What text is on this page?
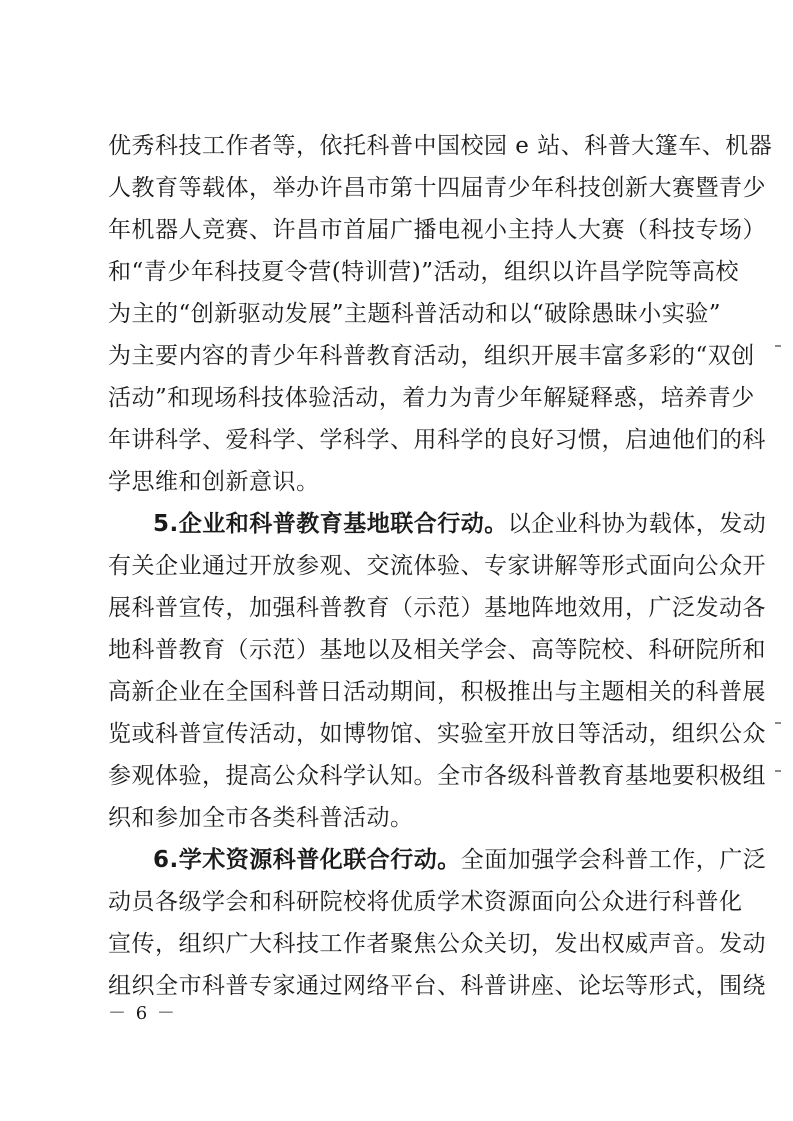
优秀科技工作者等，依托科普中国校园 e 站、科普大篷车、机器
人教育等载体，举办许昌市第十四届青少年科技创新大赛暨青少
年机器人竞赛、许昌市首届广播电视小主持人大赛（科技专场）
和“青少年科技夏令营(特训营)”活动，组织以许昌学院等高校
为主的“创新驱动发展”主题科普活动和以“破除愚昧小实验”
为主要内容的青少年科普教育活动，组织开展丰富多彩的“双创
活动”和现场科技体验活动，着力为青少年解疑释惑，培养青少
年讲科学、爱科学、学科学、用科学的良好习惯，启迪他们的科
学思维和创新意识。
5.企业和科普教育基地联合行动。以企业科协为载体，发动
有关企业通过开放参观、交流体验、专家讲解等形式面向公众开
展科普宣传，加强科普教育（示范）基地阵地效用，广泛发动各
地科普教育（示范）基地以及相关学会、高等院校、科研院所和
高新企业在全国科普日活动期间，积极推出与主题相关的科普展
览或科普宣传活动，如博物馆、实验室开放日等活动，组织公众
参观体验，提高公众科学认知。全市各级科普教育基地要积极组
织和参加全市各类科普活动。
6.学术资源科普化联合行动。全面加强学会科普工作，广泛
动员各级学会和科研院校将优质学术资源面向公众进行科普化
宣传，组织广大科技工作者聚焦公众关切，发出权威声音。发动
组织全市科普专家通过网络平台、科普讲座、论坛等形式，围绕
－ 6 －
